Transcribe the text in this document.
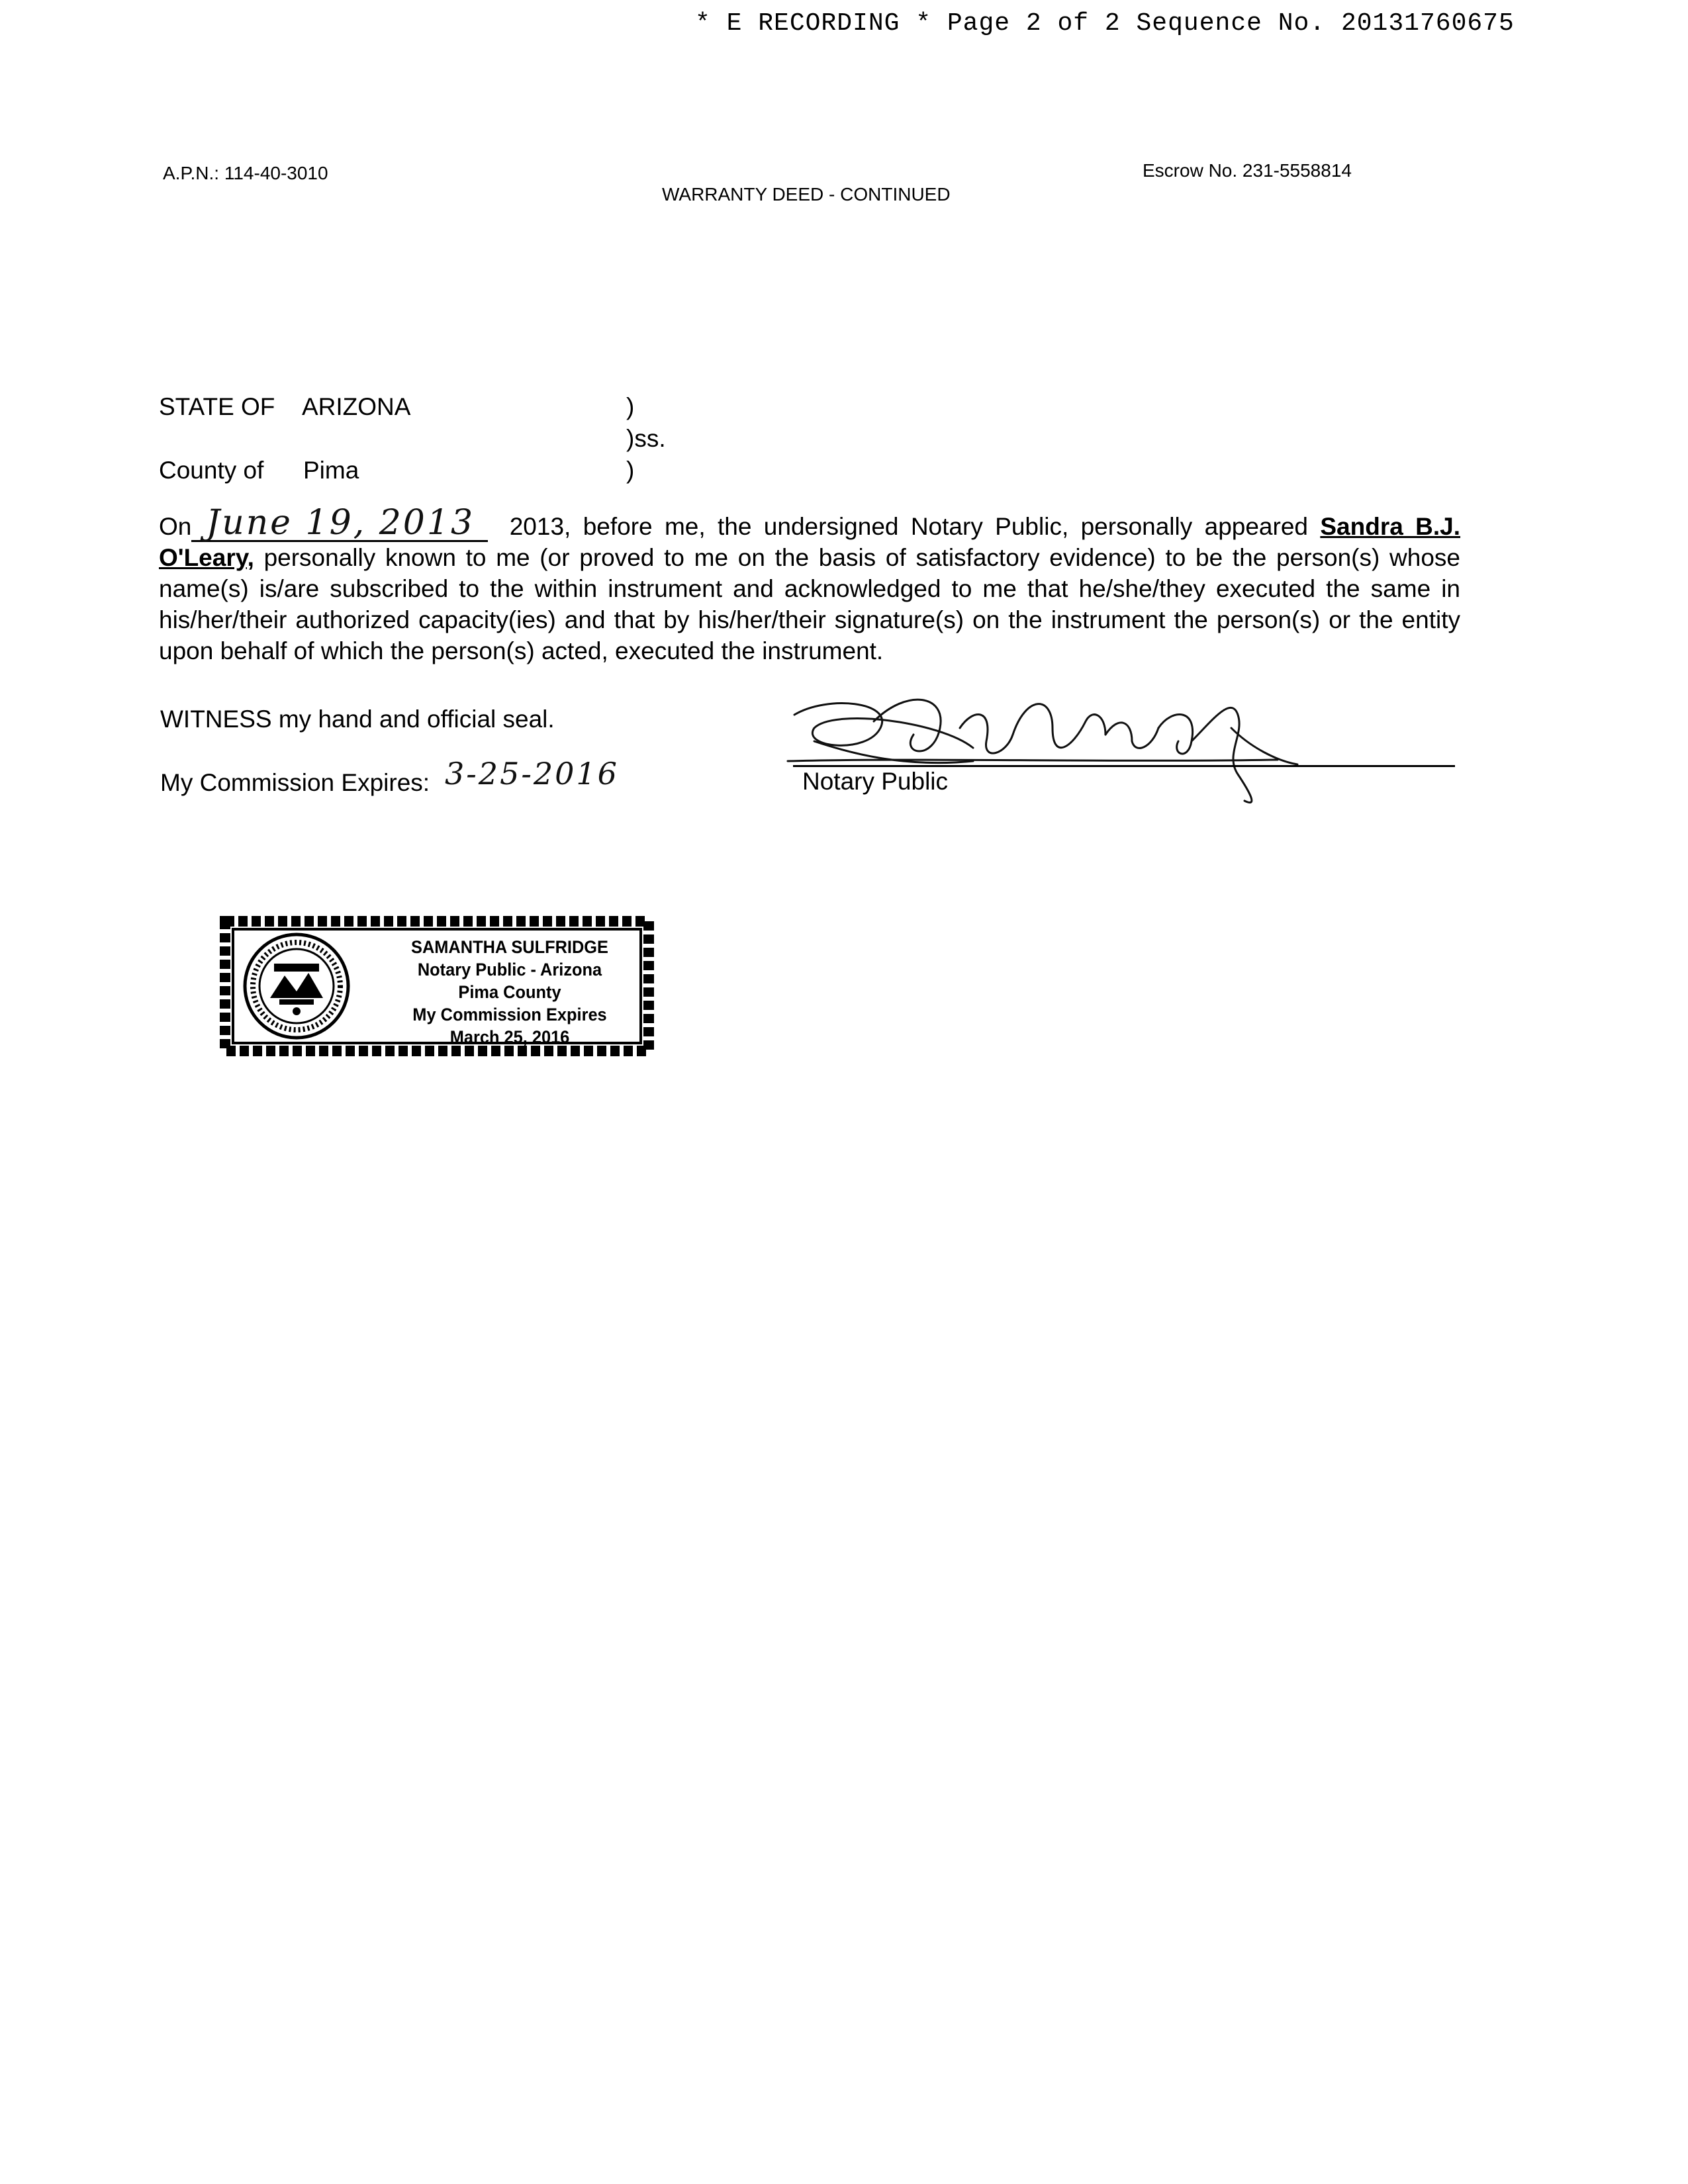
* E RECORDING * Page 2 of 2 Sequence No. 20131760675
A.P.N.: 114-40-3010	Escrow No. 231-5558814
WARRANTY DEED - CONTINUED
STATE OF ARIZONA	)
)ss.
County of Pima	)
On June 19, 2013 2013, before me, the undersigned Notary Public, personally appeared Sandra B.J. O'Leary, personally known to me (or proved to me on the basis of satisfactory evidence) to be the person(s) whose name(s) is/are subscribed to the within instrument and acknowledged to me that he/she/they executed the same in his/her/their authorized capacity(ies) and that by his/her/their signature(s) on the instrument the person(s) or the entity upon behalf of which the person(s) acted, executed the instrument.
WITNESS my hand and official seal.
My Commission Expires: 3-25-2016	Notary Public
SAMANTHA SULFRIDGE
Notary Public - Arizona
Pima County
My Commission Expires
March 25, 2016
